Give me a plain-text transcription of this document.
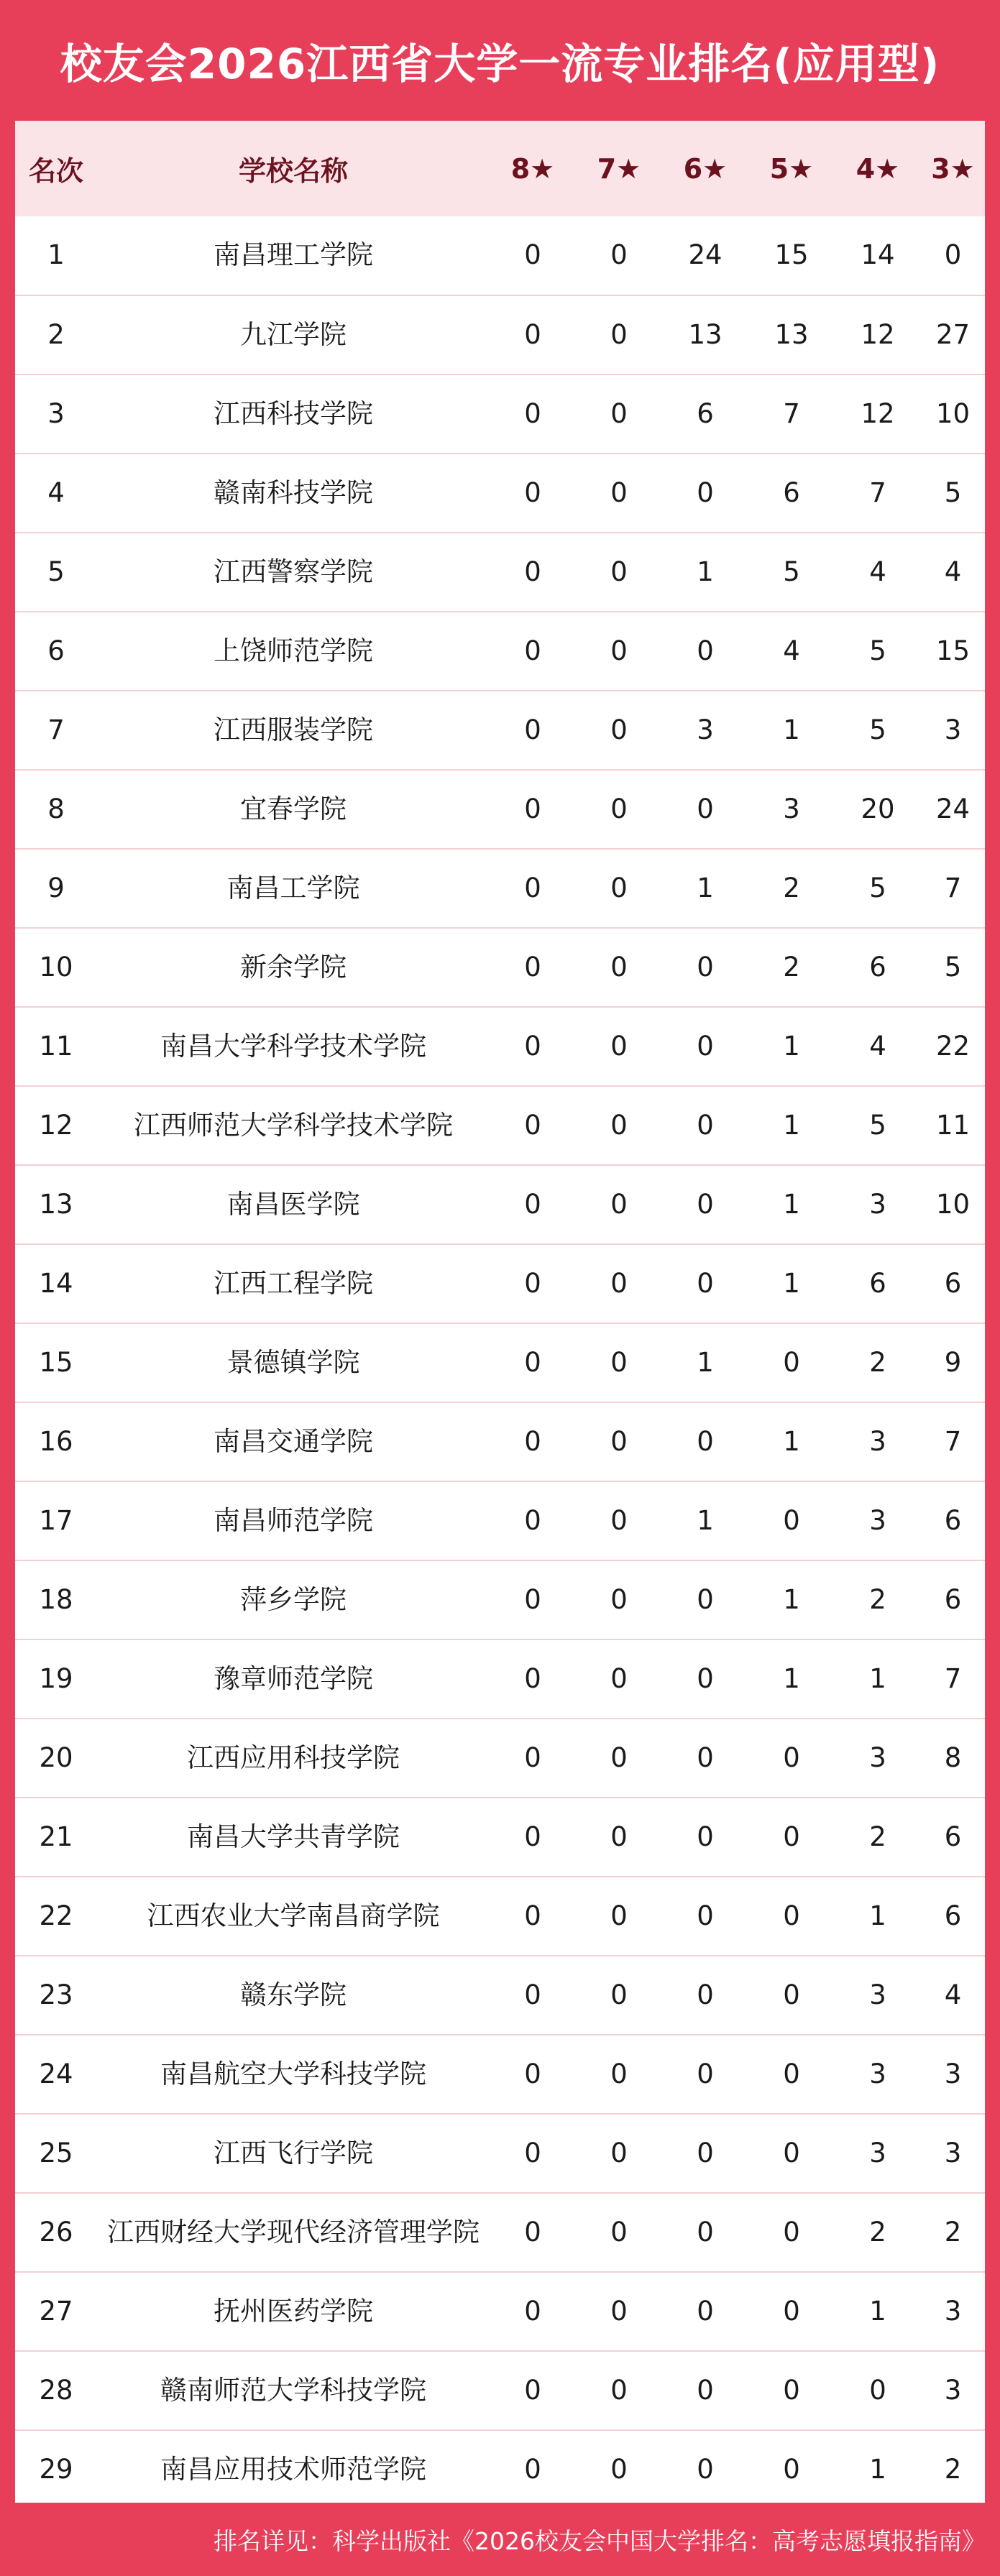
校友会2026江西省大学一流专业排名(应用型)
名次	学校名称	8★	7★	6★	5★	4★	3★
1	南昌理工学院	0	0	24	15	14	0
2	九江学院	0	0	13	13	12	27
3	江西科技学院	0	0	6	7	12	10
4	赣南科技学院	0	0	0	6	7	5
5	江西警察学院	0	0	1	5	4	4
6	上饶师范学院	0	0	0	4	5	15
7	江西服装学院	0	0	3	1	5	3
8	宜春学院	0	0	0	3	20	24
9	南昌工学院	0	0	1	2	5	7
10	新余学院	0	0	0	2	6	5
11	南昌大学科学技术学院	0	0	0	1	4	22
12	江西师范大学科学技术学院	0	0	0	1	5	11
13	南昌医学院	0	0	0	1	3	10
14	江西工程学院	0	0	0	1	6	6
15	景德镇学院	0	0	1	0	2	9
16	南昌交通学院	0	0	0	1	3	7
17	南昌师范学院	0	0	1	0	3	6
18	萍乡学院	0	0	0	1	2	6
19	豫章师范学院	0	0	0	1	1	7
20	江西应用科技学院	0	0	0	0	3	8
21	南昌大学共青学院	0	0	0	0	2	6
22	江西农业大学南昌商学院	0	0	0	0	1	6
23	赣东学院	0	0	0	0	3	4
24	南昌航空大学科技学院	0	0	0	0	3	3
25	江西飞行学院	0	0	0	0	3	3
26	江西财经大学现代经济管理学院	0	0	0	0	2	2
27	抚州医药学院	0	0	0	0	1	3
28	赣南师范大学科技学院	0	0	0	0	0	3
29	南昌应用技术师范学院	0	0	0	0	1	2
排名详见：科学出版社《2026校友会中国大学排名：高考志愿填报指南》
